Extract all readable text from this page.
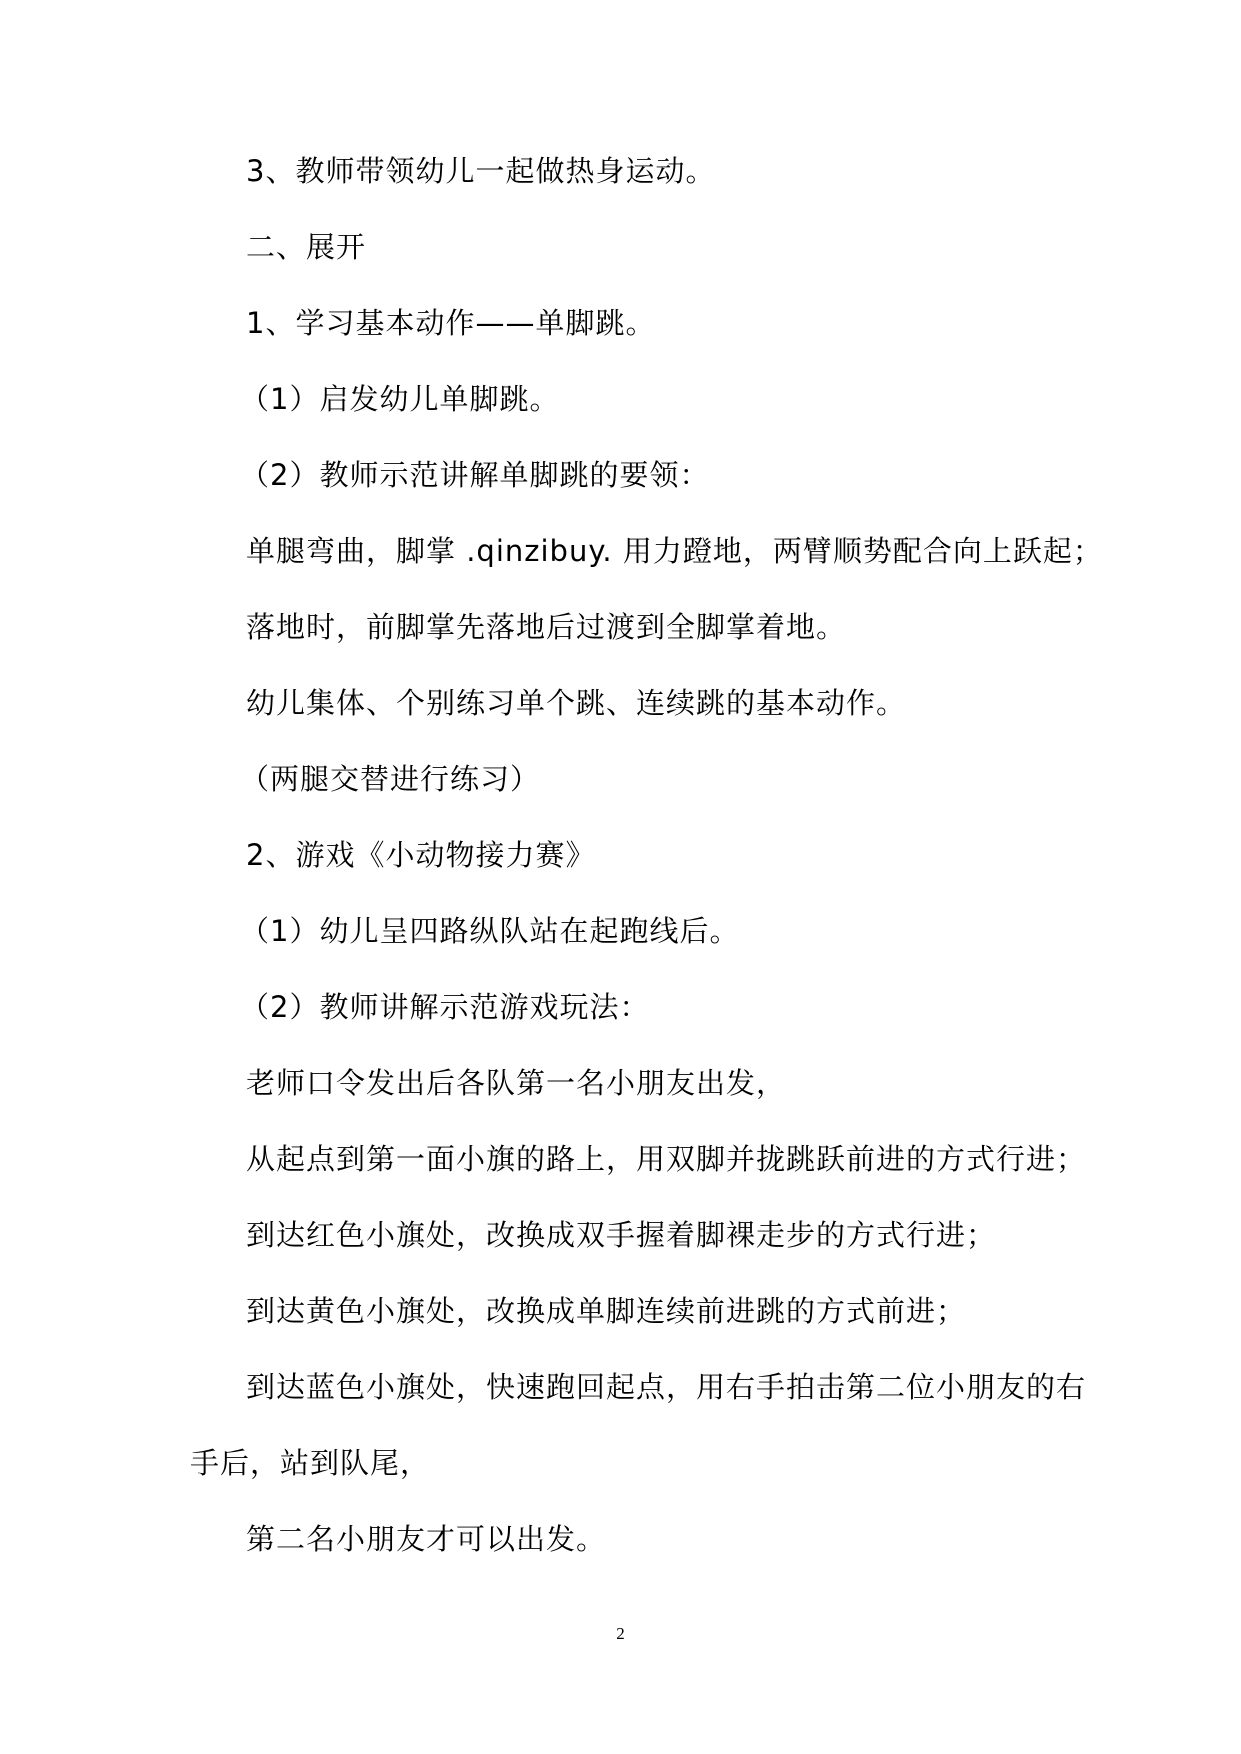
3、教师带领幼儿一起做热身运动。
二、展开
1、学习基本动作——单脚跳。
（1）启发幼儿单脚跳。
（2）教师示范讲解单脚跳的要领：
单腿弯曲，脚掌 .qinzibuy. 用力蹬地，两臂顺势配合向上跃起；
落地时，前脚掌先落地后过渡到全脚掌着地。
幼儿集体、个别练习单个跳、连续跳的基本动作。
（两腿交替进行练习）
2、游戏《小动物接力赛》
（1）幼儿呈四路纵队站在起跑线后。
（2）教师讲解示范游戏玩法：
老师口令发出后各队第一名小朋友出发，
从起点到第一面小旗的路上，用双脚并拢跳跃前进的方式行进；
到达红色小旗处，改换成双手握着脚裸走步的方式行进；
到达黄色小旗处，改换成单脚连续前进跳的方式前进；
到达蓝色小旗处，快速跑回起点，用右手拍击第二位小朋友的右
手后，站到队尾，
第二名小朋友才可以出发。
2
